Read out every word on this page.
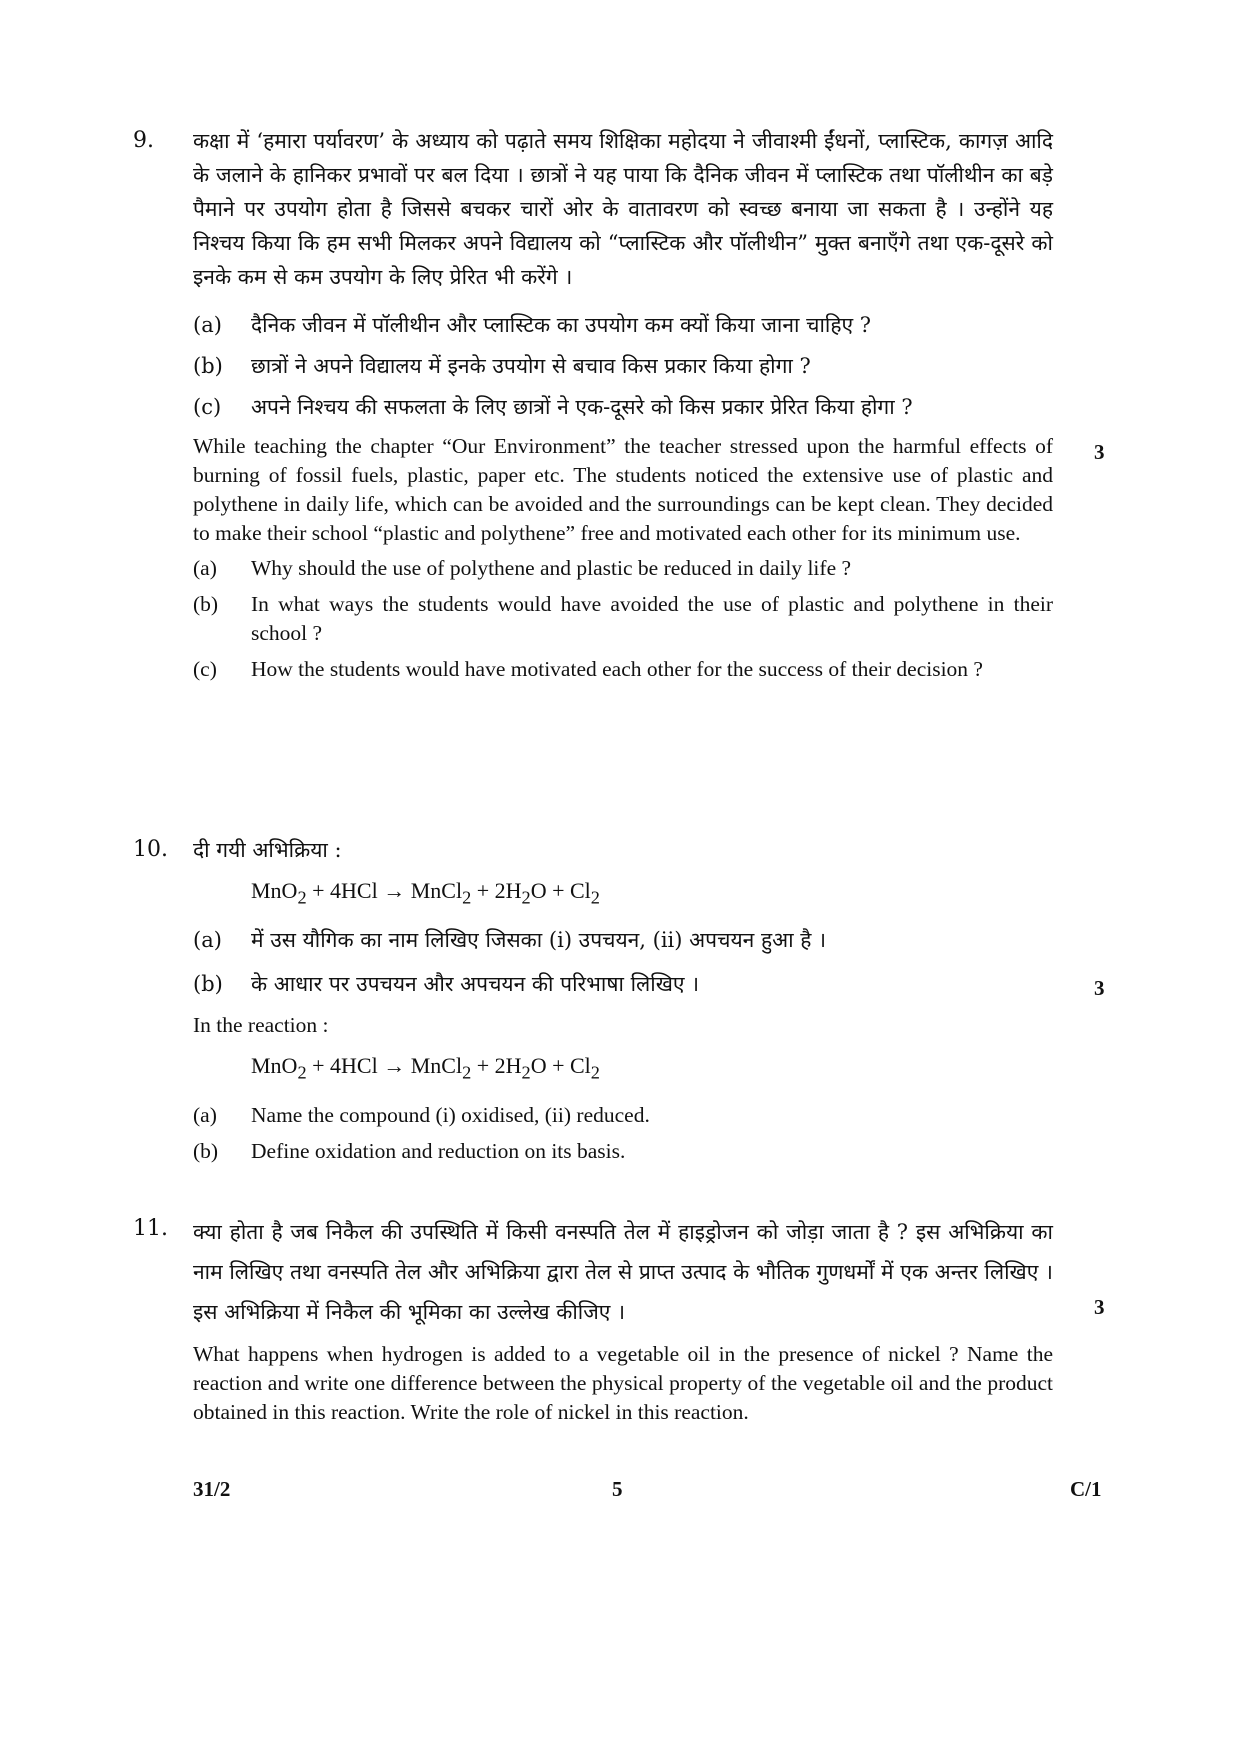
9. कक्षा में ‘हमारा पर्यावरण’ के अध्याय को पढ़ाते समय शिक्षिका महोदया ने जीवाश्मी ईंधनों, प्लास्टिक, कागज़ आदि के जलाने के हानिकर प्रभावों पर बल दिया । छात्रों ने यह पाया कि दैनिक जीवन में प्लास्टिक तथा पॉलीथीन का बड़े पैमाने पर उपयोग होता है जिससे बचकर चारों ओर के वातावरण को स्वच्छ बनाया जा सकता है । उन्होंने यह निश्चय किया कि हम सभी मिलकर अपने विद्यालय को “प्लास्टिक और पॉलीथीन” मुक्त बनाएँगे तथा एक-दूसरे को इनके कम से कम उपयोग के लिए प्रेरित भी करेंगे ।

(a)	दैनिक जीवन में पॉलीथीन और प्लास्टिक का उपयोग कम क्यों किया जाना चाहिए ?
(b)	छात्रों ने अपने विद्यालय में इनके उपयोग से बचाव किस प्रकार किया होगा ?
(c)	अपने निश्चय की सफलता के लिए छात्रों ने एक-दूसरे को किस प्रकार प्रेरित किया होगा ?

While teaching the chapter “Our Environment” the teacher stressed upon the harmful effects of burning of fossil fuels, plastic, paper etc. The students noticed the extensive use of plastic and polythene in daily life, which can be avoided and the surroundings can be kept clean. They decided to make their school “plastic and polythene” free and motivated each other for its minimum use.

(a)	Why should the use of polythene and plastic be reduced in daily life ?
(b)	In what ways the students would have avoided the use of plastic and polythene in their school ?
(c)	How the students would have motivated each other for the success of their decision ?
3
10. दी गयी अभिक्रिया :
MnO$_2$ + 4HCl → MnCl$_2$ + $2H_2O + Cl_2$
(a)	में उस यौगिक का नाम लिखिए जिसका (i) उपचयन, (ii) अपचयन हुआ है ।
(b)	के आधार पर उपचयन और अपचयन की परिभाषा लिखिए ।
In the reaction :
MnO$_2$ + 4HCl → MnCl$_2$ + $2H_2O + Cl_2$
(a)	Name the compound (i) oxidised, (ii) reduced.
(b)	Define oxidation and reduction on its basis.
3
11. क्या होता है जब निकैल की उपस्थिति में किसी वनस्पति तेल में हाइड्रोजन को जोड़ा जाता है ? इस अभिक्रिया का नाम लिखिए तथा वनस्पति तेल और अभिक्रिया द्वारा तेल से प्राप्त उत्पाद के भौतिक गुणधर्मों में एक अन्तर लिखिए । इस अभिक्रिया में निकैल की भूमिका का उल्लेख कीजिए ।

What happens when hydrogen is added to a vegetable oil in the presence of nickel ? Name the reaction and write one difference between the physical property of the vegetable oil and the product obtained in this reaction. Write the role of nickel in this reaction.

3
31/2	5	C/1
